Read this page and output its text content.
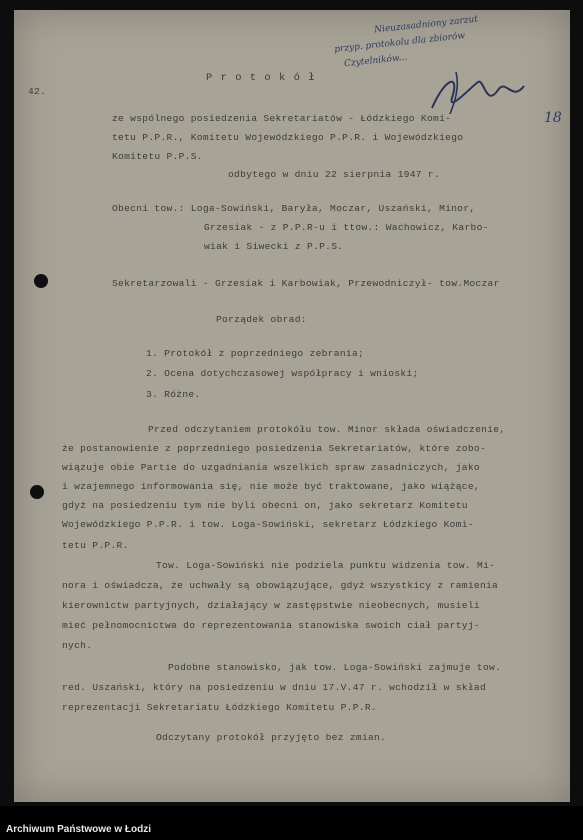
Nieuzasadniony zarzut
przyp. protokolu dla zbiorów
Czytelników...
18
42.
P r o t o k ó ł
ze wspólnego posiedzenia Sekretariatów - Łódzkiego Komi-
tetu P.P.R., Komitetu Wojewódzkiego P.P.R. i Wojewódzkiego
Komitetu P.P.S.
odbytego w dniu 22 sierpnia 1947 r.
Obecni tow.: Loga-Sowiński, Baryła, Moczar, Uszański, Minor,
Grzesiak - z P.P.R-u i ttow.: Wachowicz, Karbo-
wiak i Siwecki z P.P.S.
Sekretarzowali - Grzesiak i Karbowiak, Przewodniczył- tow.Moczar
Porządek obrad:
1. Protokół z poprzedniego zebrania;
2. Ocena dotychczasowej współpracy i wnioski;
3. Różne.
Przed odczytaniem protokółu tow. Minor składa oświadczenie,
że postanowienie z poprzedniego posiedzenia Sekretariatów, które zobo-
wiązuje obie Partie do uzgadniania wszelkich spraw zasadniczych, jako
i wzajemnego informowania się, nie może być traktowane, jako wiążące,
gdyż na posiedzeniu tym nie byli obecni on, jako sekretarz Komitetu
Wojewódzkiego P.P.R. i tow. Loga-Sowiński, sekretarz Łódzkiego Komi-
tetu P.P.R.
Tow. Loga-Sowiński nie podziela punktu widzenia tow. Mi-
nora i oświadcza, że uchwały są obowiązujące, gdyż wszystkicy z ramienia
kierownictw partyjnych, działający w zastępstwie nieobecnych, musieli
mieć pełnomocnictwa do reprezentowania stanowiska swoich ciał partyj-
nych.
Podobne stanowisko, jak tow. Loga-Sowiński zajmuje tow.
red. Uszański, który na posiedzeniu w dniu 17.V.47 r. wchodził w skład
reprezentacji Sekretariatu Łódzkiego Komitetu P.P.R.
Odczytany protokół przyjęto bez zmian.
Archiwum Państwowe w Łodzi
